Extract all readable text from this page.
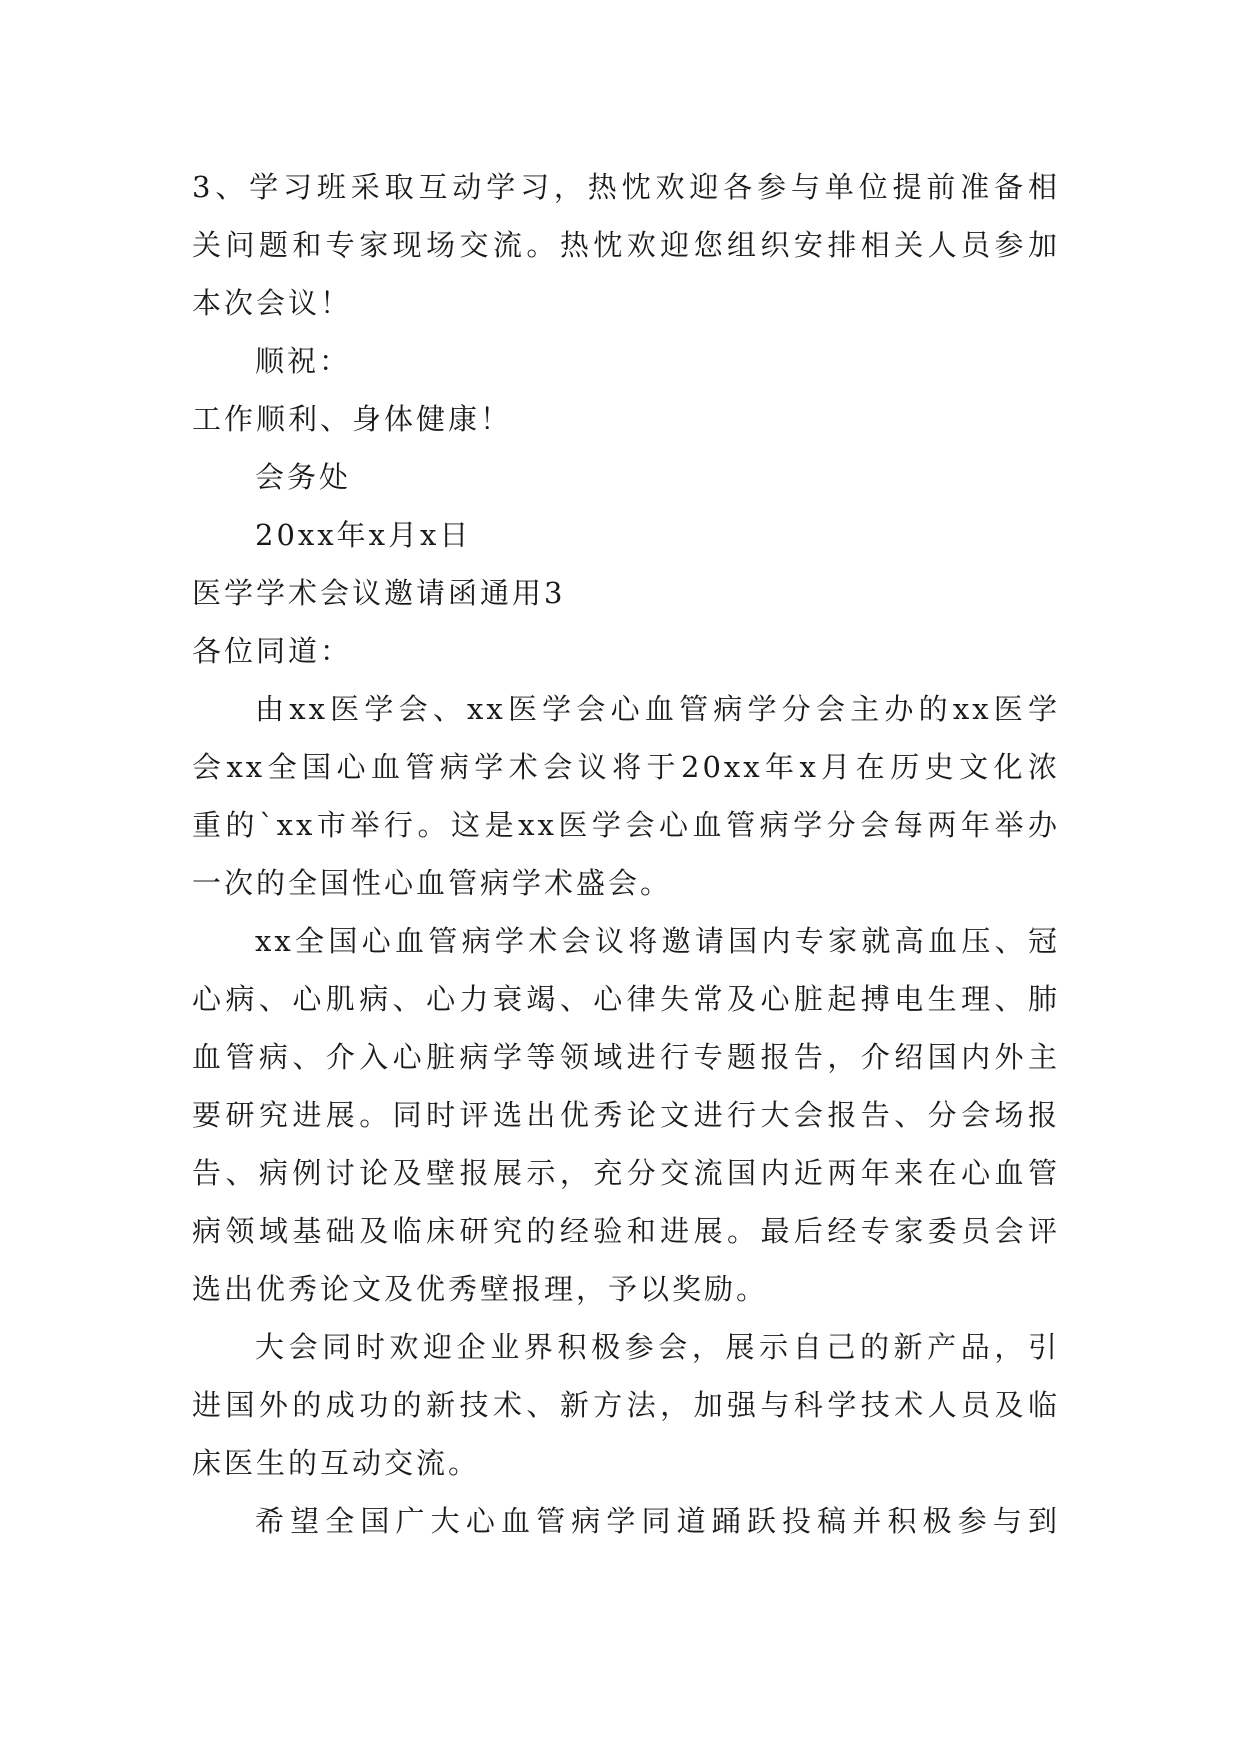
3、学习班采取互动学习，热忱欢迎各参与单位提前准备相

关问题和专家现场交流。热忱欢迎您组织安排相关人员参加

本次会议！

顺祝：

工作顺利、身体健康！

会务处

20xx年x月x日

医学学术会议邀请函通用3

各位同道：

由xx医学会、xx医学会心血管病学分会主办的xx医学

会xx全国心血管病学术会议将于20xx年x月在历史文化浓

重的`xx市举行。这是xx医学会心血管病学分会每两年举办

一次的全国性心血管病学术盛会。

xx全国心血管病学术会议将邀请国内专家就高血压、冠

心病、心肌病、心力衰竭、心律失常及心脏起搏电生理、肺

血管病、介入心脏病学等领域进行专题报告，介绍国内外主

要研究进展。同时评选出优秀论文进行大会报告、分会场报

告、病例讨论及壁报展示，充分交流国内近两年来在心血管

病领域基础及临床研究的经验和进展。最后经专家委员会评

选出优秀论文及优秀壁报理，予以奖励。

大会同时欢迎企业界积极参会，展示自己的新产品，引

进国外的成功的新技术、新方法，加强与科学技术人员及临

床医生的互动交流。

希望全国广大心血管病学同道踊跃投稿并积极参与到
